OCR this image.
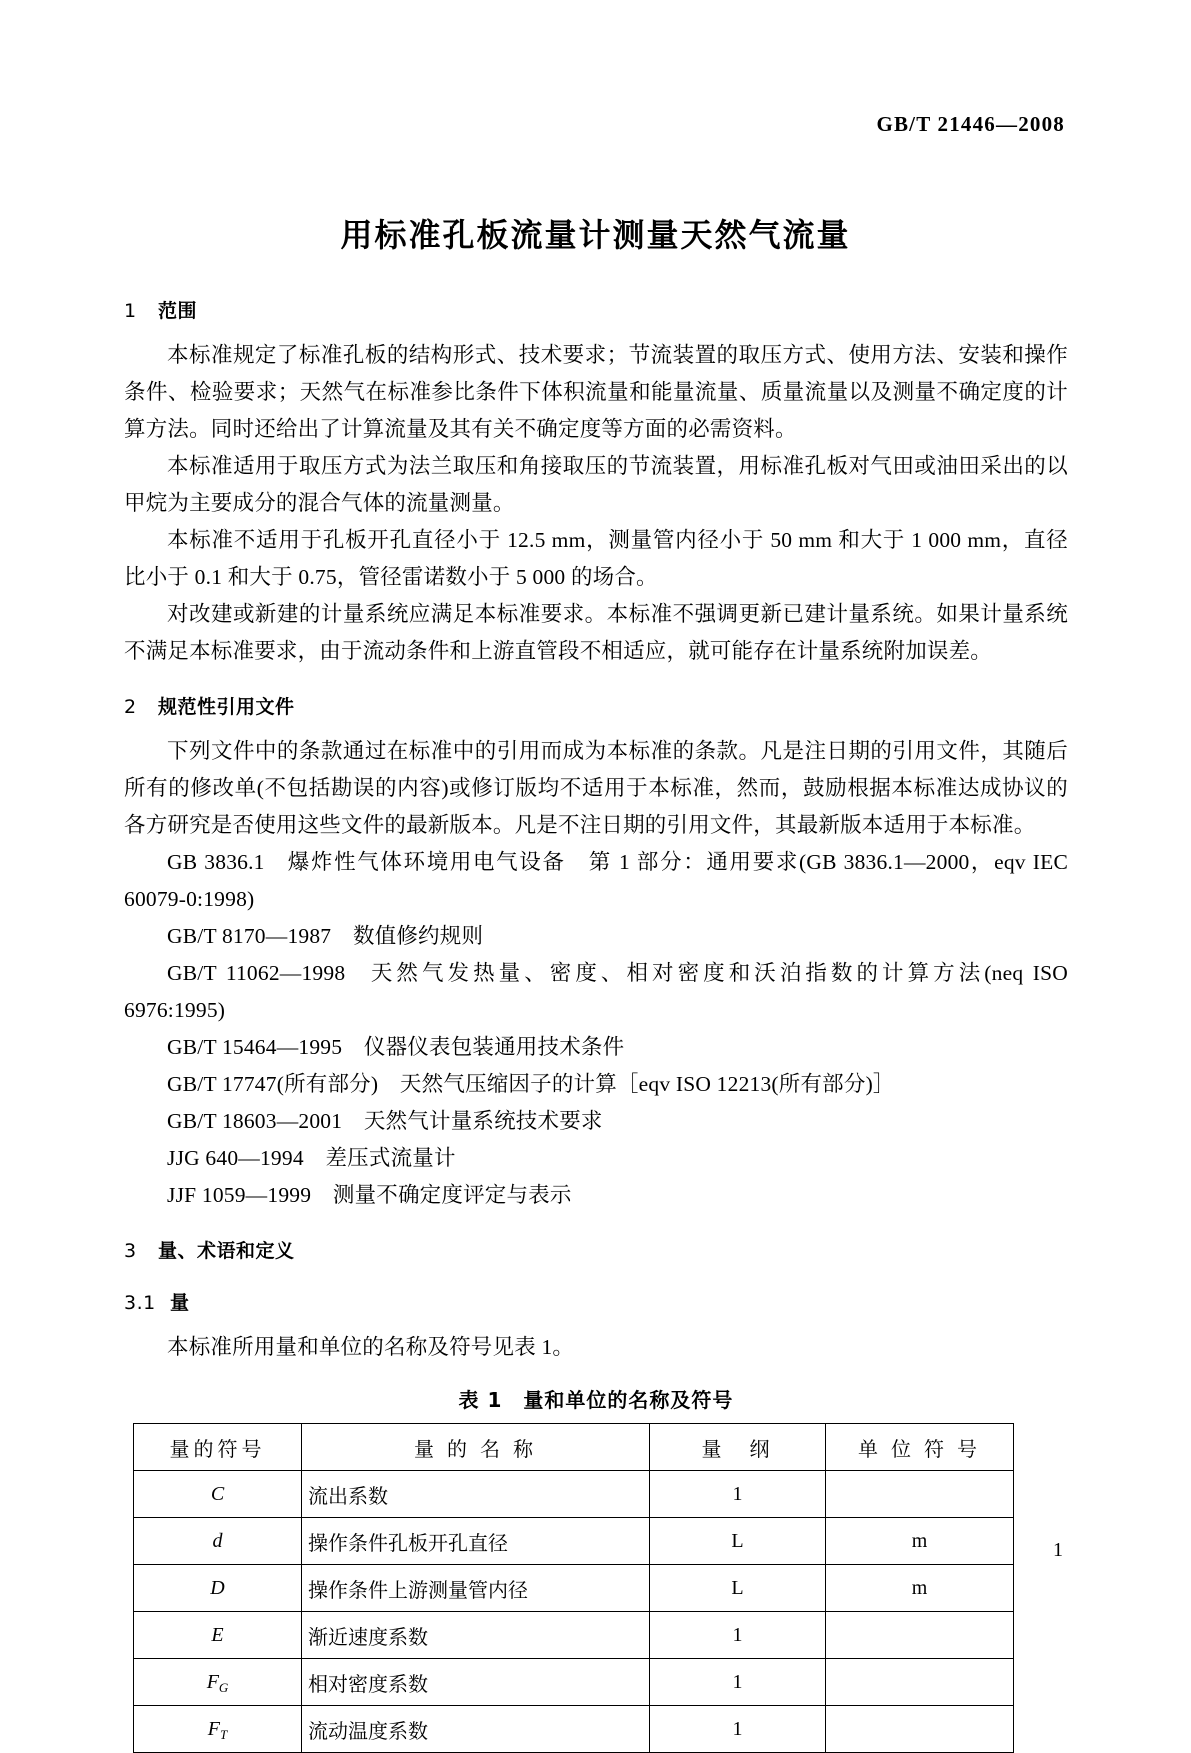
GB/T 21446—2008
用标准孔板流量计测量天然气流量
1 范围

本标准规定了标准孔板的结构形式、技术要求；节流装置的取压方式、使用方法、安装和操作条件、检验要求；天然气在标准参比条件下体积流量和能量流量、质量流量以及测量不确定度的计算方法。同时还给出了计算流量及其有关不确定度等方面的必需资料。

本标准适用于取压方式为法兰取压和角接取压的节流装置，用标准孔板对气田或油田采出的以甲烷为主要成分的混合气体的流量测量。

本标准不适用于孔板开孔直径小于 12.5 mm，测量管内径小于 50 mm 和大于 1 000 mm，直径比小于 0.1 和大于 0.75，管径雷诺数小于 5 000 的场合。

对改建或新建的计量系统应满足本标准要求。本标准不强调更新已建计量系统。如果计量系统不满足本标准要求，由于流动条件和上游直管段不相适应，就可能存在计量系统附加误差。

2 规范性引用文件

下列文件中的条款通过在标准中的引用而成为本标准的条款。凡是注日期的引用文件，其随后所有的修改单(不包括勘误的内容)或修订版均不适用于本标准，然而，鼓励根据本标准达成协议的各方研究是否使用这些文件的最新版本。凡是不注日期的引用文件，其最新版本适用于本标准。

GB 3836.1 爆炸性气体环境用电气设备 第 1 部分：通用要求(GB 3836.1—2000，eqv IEC 60079-0:1998)

GB/T 8170—1987 数值修约规则

GB/T 11062—1998 天然气发热量、密度、相对密度和沃泊指数的计算方法(neq ISO 6976:1995)

GB/T 15464—1995 仪器仪表包装通用技术条件

GB/T 17747(所有部分) 天然气压缩因子的计算［eqv ISO 12213(所有部分)］

GB/T 18603—2001 天然气计量系统技术要求

JJG 640—1994 差压式流量计

JJF 1059—1999 测量不确定度评定与表示

3 量、术语和定义
3.1 量

本标准所用量和单位的名称及符号见表 1。

表 1 量和单位的名称及符号
量的符号	量 的 名 称	量 纲	单 位 符 号
C	流出系数	1	
d	操作条件孔板开孔直径	L	m
D	操作条件上游测量管内径	L	m
E	渐近速度系数	1	
$F_G$	相对密度系数	1	
$F_T$	流动温度系数	1	
1
